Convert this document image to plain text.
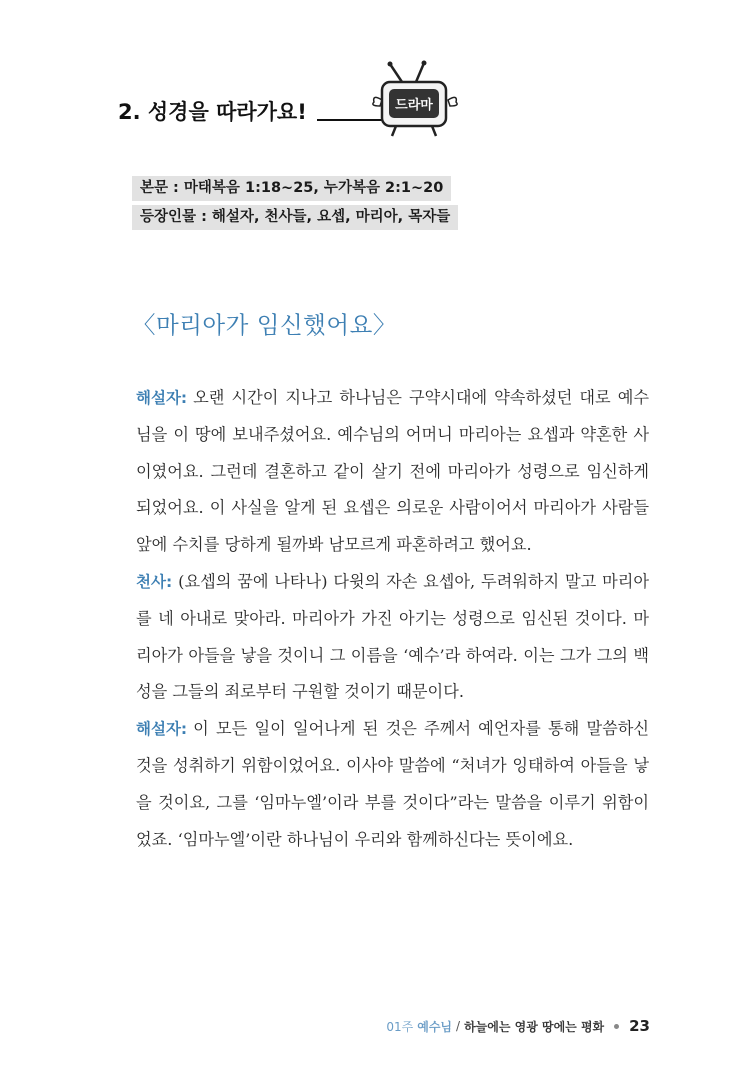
2. 성경을 따라가요!	드라마
본문 : 마태복음 1:18~25, 누가복음 2:1~20
등장인물 : 해설자, 천사들, 요셉, 마리아, 목자들
〈마리아가 임신했어요〉

해설자: 오랜 시간이 지나고 하나님은 구약시대에 약속하셨던 대로 예수님을 이 땅에 보내주셨어요. 예수님의 어머니 마리아는 요셉과 약혼한 사이였어요. 그런데 결혼하고 같이 살기 전에 마리아가 성령으로 임신하게 되었어요. 이 사실을 알게 된 요셉은 의로운 사람이어서 마리아가 사람들 앞에 수치를 당하게 될까봐 남모르게 파혼하려고 했어요.

천사: (요셉의 꿈에 나타나) 다윗의 자손 요셉아, 두려워하지 말고 마리아를 네 아내로 맞아라. 마리아가 가진 아기는 성령으로 임신된 것이다. 마리아가 아들을 낳을 것이니 그 이름을 ‘예수’라 하여라. 이는 그가 그의 백성을 그들의 죄로부터 구원할 것이기 때문이다.

해설자: 이 모든 일이 일어나게 된 것은 주께서 예언자를 통해 말씀하신 것을 성취하기 위함이었어요. 이사야 말씀에 “처녀가 잉태하여 아들을 낳을 것이요, 그를 ‘임마누엘’이라 부를 것이다”라는 말씀을 이루기 위함이었죠. ‘임마누엘’이란 하나님이 우리와 함께하신다는 뜻이에요.

01주 예수님 / 하늘에는 영광 땅에는 평화 23
